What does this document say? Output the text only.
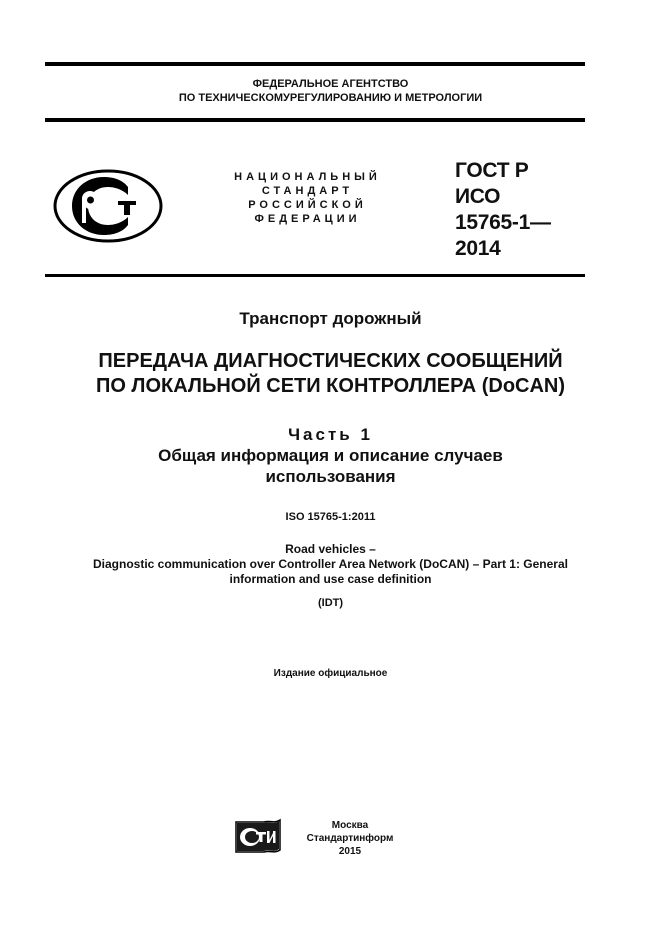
ФЕДЕРАЛЬНОЕ АГЕНТСТВО
ПО ТЕХНИЧЕСКОМУРЕГУЛИРОВАНИЮ И МЕТРОЛОГИИ
НАЦИОНАЛЬНЫЙ
СТАНДАРТ
РОССИЙСКОЙ
ФЕДЕРАЦИИ
ГОСТ Р
ИСО
15765-1—
2014
Транспорт дорожный
ПЕРЕДАЧА ДИАГНОСТИЧЕСКИХ СООБЩЕНИЙ
ПО ЛОКАЛЬНОЙ СЕТИ КОНТРОЛЛЕРА (DoCAN)
Часть 1
Общая информация и описание случаев
использования
ISO 15765-1:2011
Road vehicles –
Diagnostic communication over Controller Area Network (DoCAN) – Part 1: General
information and use case definition
(IDT)
Издание официальное
Москва
Стандартинформ
2015
